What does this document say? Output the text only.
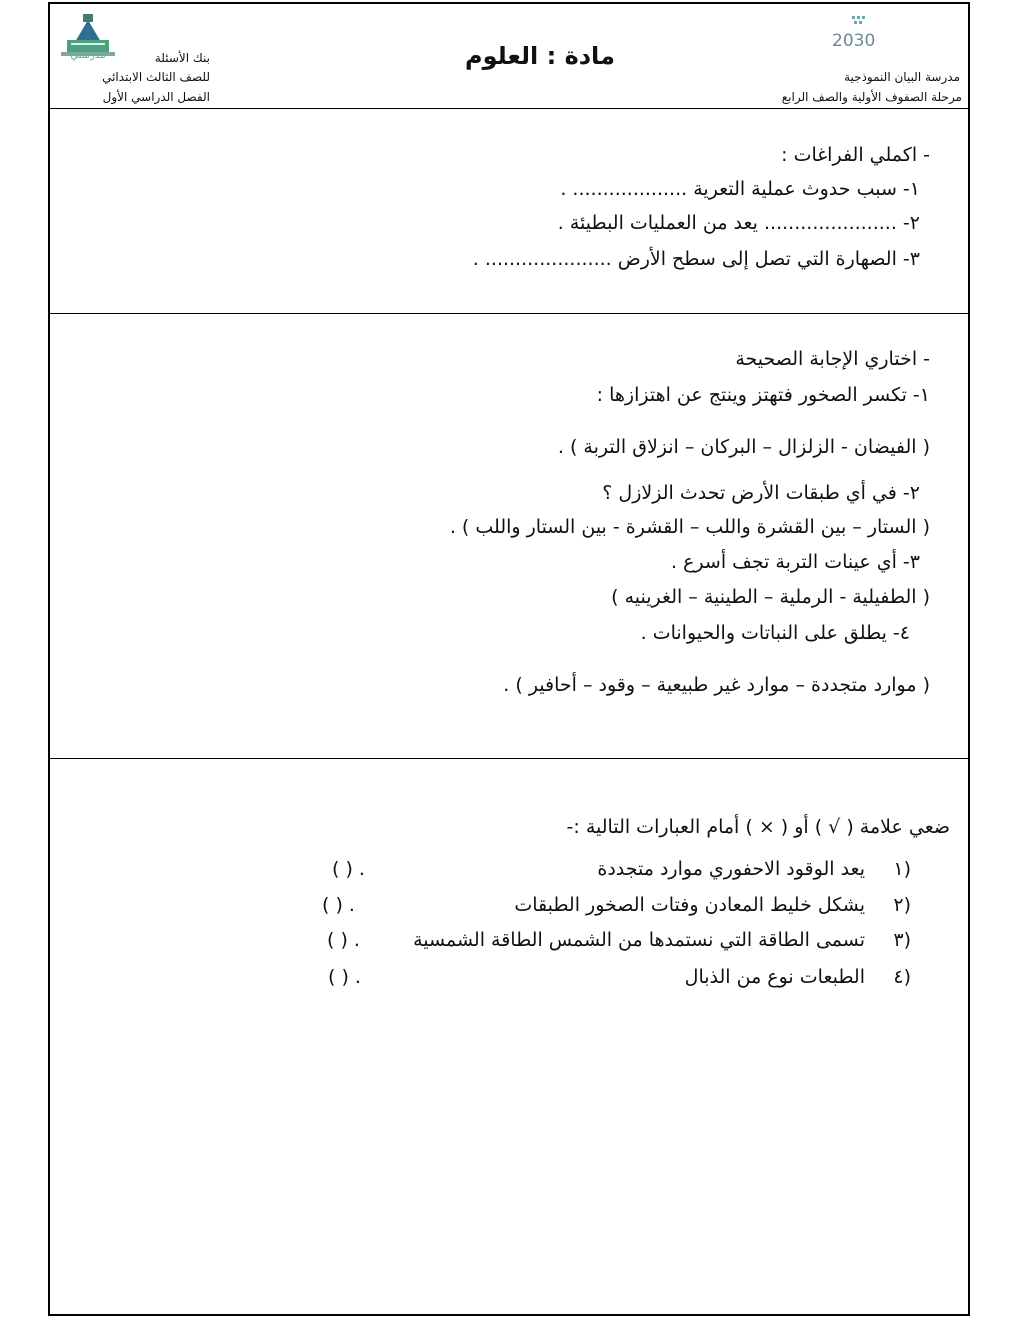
مدرستي	بنك الأسئلة
للصف الثالث الابتدائي
الفصل الدراسي الأول
مادة : العلوم
2030
مدرسة البيان النموذجية
مرحلة الصفوف الأولية والصف الرابع
- اكملي الفراغات :
١- سبب حدوث عملية التعرية ................... .
٢- ...................... يعد من العمليات البطيئة .
٣- الصهارة التي تصل إلى سطح الأرض ..................... .
- اختاري الإجابة الصحيحة
١- تكسر الصخور فتهتز وينتج عن اهتزازها :
( الفيضان - الزلزال – البركان – انزلاق التربة ) .
٢- في أي طبقات الأرض تحدث الزلازل ؟
( الستار – بين القشرة واللب – القشرة - بين الستار واللب ) .
٣- أي عينات التربة تجف أسرع .
( الطفيلية - الرملية – الطينية – الغرينيه )
٤- يطلق على النباتات والحيوانات .
( موارد متجددة – موارد غير طبيعية – وقود – أحافير ) .
ضعي علامة ( √ ) أو ( × ) أمام العبارات التالية :-
١)
يعد الوقود الاحفوري موارد متجددة
( ) .
٢)
يشكل خليط المعادن وفتات الصخور الطبقات
( ) .
٣)
تسمى الطاقة التي نستمدها من الشمس الطاقة الشمسية
( ) .
٤)
الطبعات نوع من الذبال
( ) .
